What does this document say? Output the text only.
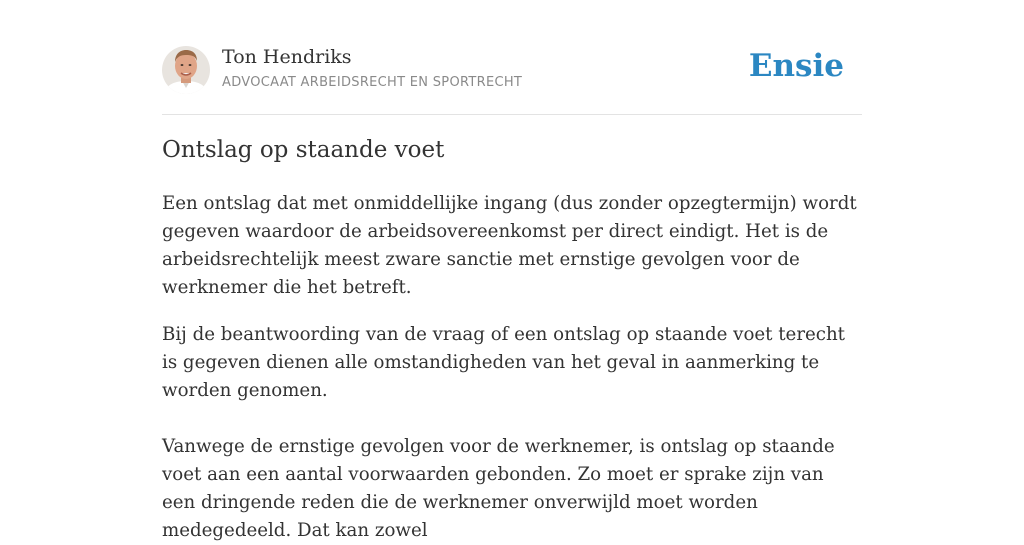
Ton Hendriks
ADVOCAAT ARBEIDSRECHT EN SPORTRECHT	Ensie
Ontslag op staande voet

Een ontslag dat met onmiddellijke ingang (dus zonder opzegtermijn) wordt gegeven waardoor de arbeidsovereenkomst per direct eindigt. Het is de arbeidsrechtelijk meest zware sanctie met ernstige gevolgen voor de werknemer die het betreft.

Bij de beantwoording van de vraag of een ontslag op staande voet terecht is gegeven dienen alle omstandigheden van het geval in aanmerking te worden genomen.

Vanwege de ernstige gevolgen voor de werknemer, is ontslag op staande voet aan een aantal voorwaarden gebonden. Zo moet er sprake zijn van een dringende reden die de werknemer onverwijld moet worden medegedeeld. Dat kan zowel
